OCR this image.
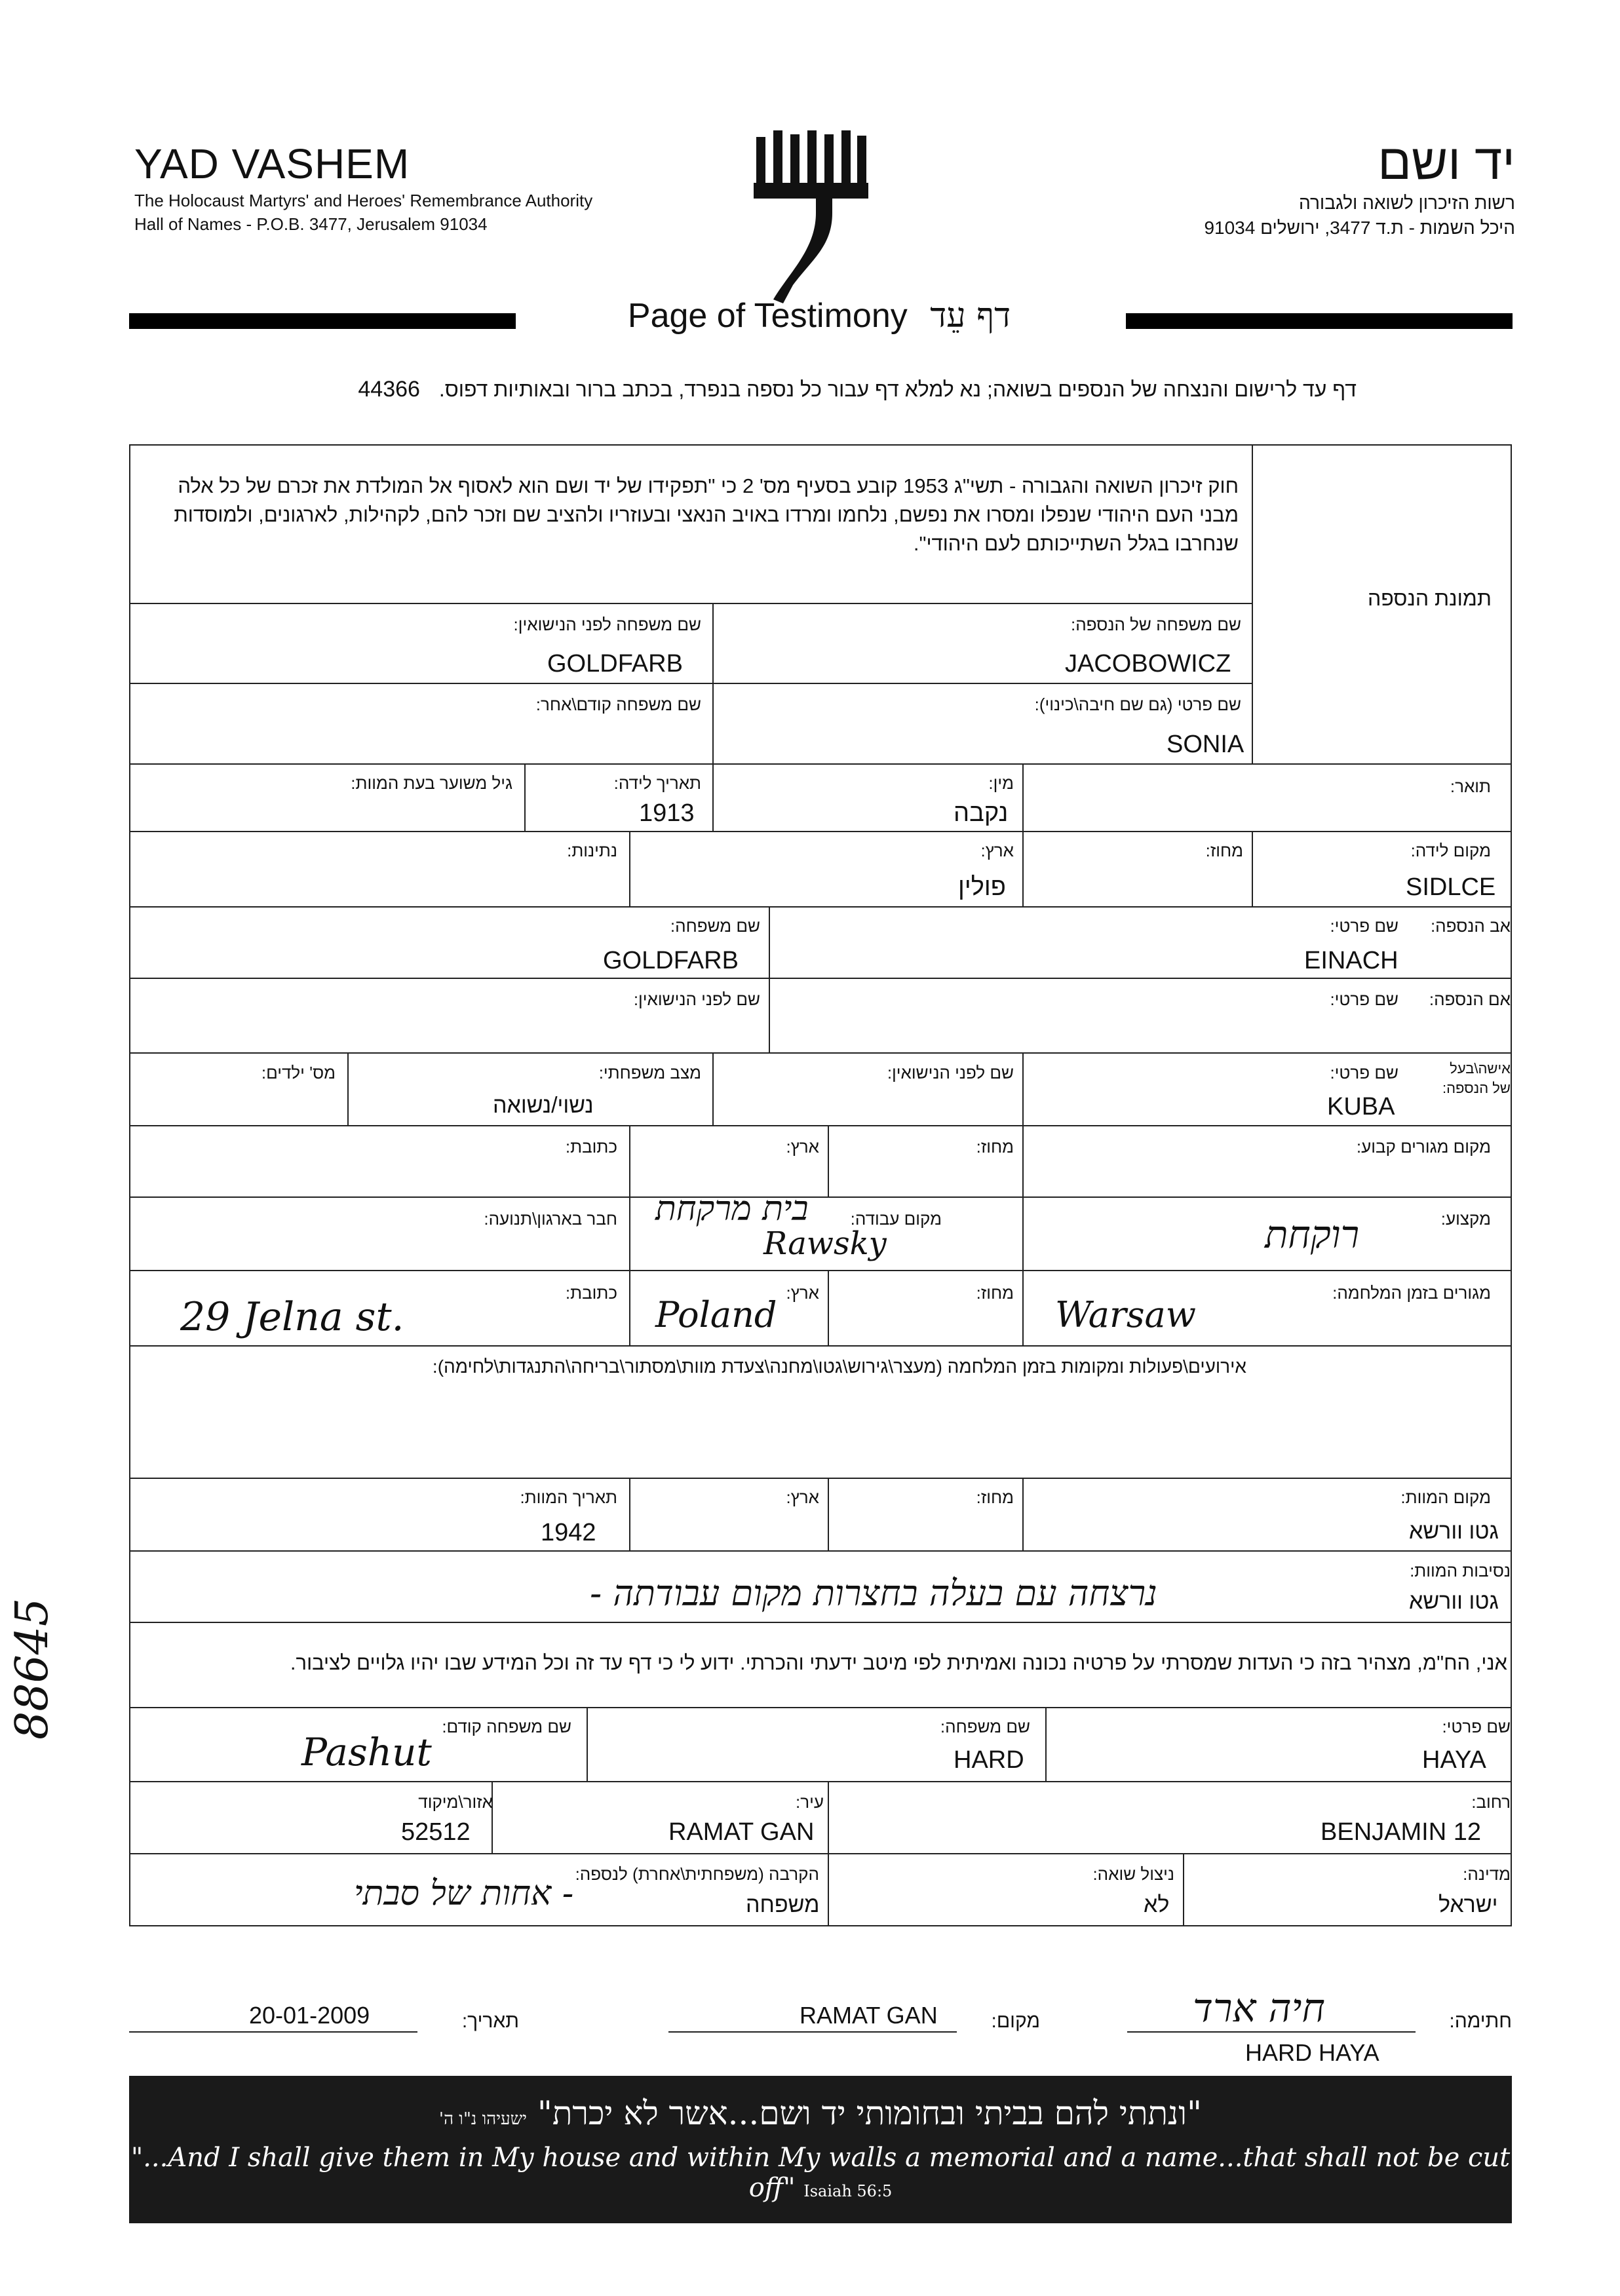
YAD VASHEM
The Holocaust Martyrs' and Heroes' Remembrance Authority
Hall of Names - P.O.B. 3477, Jerusalem 91034
יד ושם
רשות הזיכרון לשואה ולגבורה
היכל השמות - ת.ד 3477, ירושלים 91034
Page of Testimony דף עֵד
דף עד לרישום והנצחה של הנספים בשואה; נא למלא דף עבור כל נספה בנפרד, בכתב ברור ובאותיות דפוס. 44366
חוק זיכרון השואה והגבורה - תשי"ג 1953 קובע בסעיף מס' 2 כי "תפקידו של יד ושם הוא לאסוף אל המולדת את זכרם של כל אלה מבני העם היהודי שנפלו ומסרו את נפשם, נלחמו ומרדו באויב הנאצי ובעוזריו ולהציב שם וזכר להם, לקהילות, לארגונים, ולמוסדות שנחרבו בגלל השתייכותם לעם היהודי".
תמונת הנספה
שם משפחה של הנספה:
JACOBOWICZ
שם משפחה לפני הנישואין:
GOLDFARB
שם פרטי (גם שם חיבה\כינוי):
SONIA
שם משפחה קודם\אחר:
תואר:
מין:
נקבה
תאריך לידה:
1913
גיל משוער בעת המוות:
מקום לידה:
SIDLCE
מחוז:
ארץ:
פולין
נתינות:
אב הנספה:
שם פרטי:
EINACH
שם משפחה:
GOLDFARB
אם הנספה:
שם פרטי:
שם לפני הנישואין:
אישה\בעל
של הנספה:
שם פרטי:
KUBA
שם לפני הנישואין:
מצב משפחתי:
נשוי/נשואה
מס' ילדים:
מקום מגורים קבוע:
מחוז:
ארץ:
כתובת:
מקצוע:
רוקחת
מקום עבודה:
בית מרקחת
Rawsky
חבר בארגון\תנועה:
מגורים בזמן המלחמה:
מחוז:
Warsaw
ארץ:
Poland
כתובת:
29 Jelna st.
אירועים\פעולות ומקומות בזמן המלחמה (מעצר\גירוש\גטו\מחנה\צעדת מוות\מסתור\בריחה\התנגדות\לחימה):
מקום המוות:
גטו וורשא
מחוז:
ארץ:
תאריך המוות:
1942
נסיבות המוות:
גטו וורשא
נרצחה עם בעלה בחצרות מקום עבודתה -
אני, הח"מ, מצהיר בזה כי העדות שמסרתי על פרטיה נכונה ואמיתית לפי מיטב ידעתי והכרתי. ידוע לי כי דף עד זה וכל המידע שבו יהיו גלויים לציבור.
שם פרטי:
HAYA
שם משפחה:
HARD
שם משפחה קודם:
Pashut
רחוב:
BENJAMIN 12
עיר:
RAMAT GAN
אזור\מיקוד
52512
מדינה:
ישראל
ניצול שואה:
לא
הקרבה (משפחתית\אחרת) לנספה:
משפחה
- אחות של סבתי
חתימה:
חיה ארד
HARD HAYA
מקום:
RAMAT GAN
תאריך:
20-01-2009
"ונתתי להם בביתי ובחומותי יד ושם...אשר לא יכרת" ישעיהו נ"ו ה'
"...And I shall give them in My house and within My walls a memorial and a name...that shall not be cut off" Isaiah 56:5
88645
